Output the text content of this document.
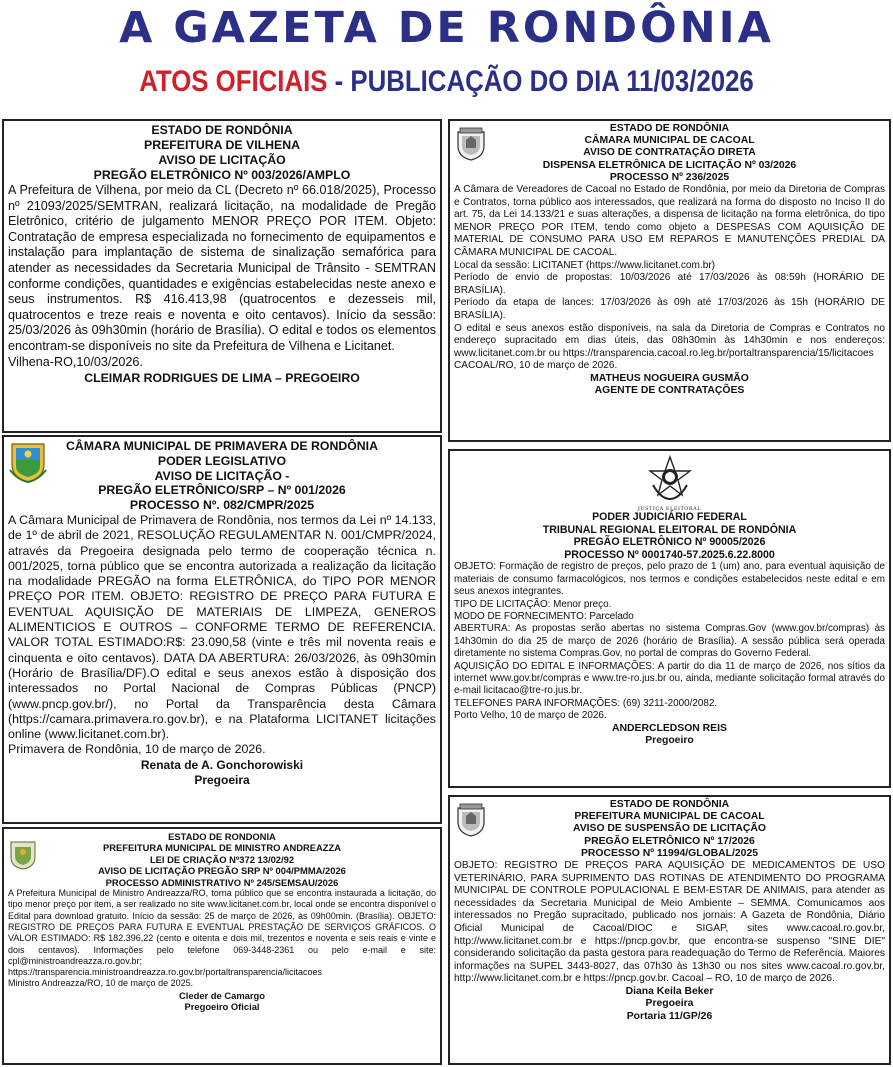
A GAZETA DE RONDÔNIA
ATOS OFICIAIS - PUBLICAÇÃO DO DIA 11/03/2026
ESTADO DE RONDÔNIA
PREFEITURA DE VILHENA
AVISO DE LICITAÇÃO
PREGÃO ELETRÔNICO Nº 003/2026/AMPLO
A Prefeitura de Vilhena, por meio da CL (Decreto nº 66.018/2025), Processo nº 21093/2025/SEMTRAN, realizará licitação, na modalidade de Pregão Eletrônico, critério de julgamento MENOR PREÇO POR ITEM. Objeto: Contratação de empresa especializada no fornecimento de equipamentos e instalação para implantação de sistema de sinalização semafórica para atender as necessidades da Secretaria Municipal de Trânsito - SEMTRAN conforme condições, quantidades e exigências estabelecidas neste anexo e seus instrumentos. R$ 416.413,98 (quatrocentos e dezesseis mil, quatrocentos e treze reais e noventa e oito centavos). Início da sessão: 25/03/2026 às 09h30min (horário de Brasília). O edital e todos os elementos encontram-se disponíveis no site da Prefeitura de Vilhena e Licitanet.
Vilhena-RO,10/03/2026.
CLEIMAR RODRIGUES DE LIMA – PREGOEIRO
CÂMARA MUNICIPAL DE PRIMAVERA DE RONDÔNIA
PODER LEGISLATIVO
AVISO DE LICITAÇÃO -
PREGÃO ELETRÔNICO/SRP – Nº 001/2026
PROCESSO Nº. 082/CMPR/2025
A Câmara Municipal de Primavera de Rondônia, nos termos da Lei nº 14.133, de 1º de abril de 2021, RESOLUÇÃO REGULAMENTAR N. 001/CMPR/2024, através da Pregoeira designada pelo termo de cooperação técnica n. 001/2025, torna público que se encontra autorizada a realização da licitação na modalidade PREGÃO na forma ELETRÔNICA, do TIPO POR MENOR PREÇO POR ITEM. OBJETO: REGISTRO DE PREÇO PARA FUTURA E EVENTUAL AQUISIÇÃO DE MATERIAIS DE LIMPEZA, GENEROS ALIMENTICIOS E OUTROS – CONFORME TERMO DE REFERENCIA. VALOR TOTAL ESTIMADO:R$: 23.090,58 (vinte e três mil noventa reais e cinquenta e oito centavos). DATA DA ABERTURA: 26/03/2026, às 09h30min (Horário de Brasília/DF).O edital e seus anexos estão à disposição dos interessados no Portal Nacional de Compras Públicas (PNCP) (www.pncp.gov.br/), no Portal da Transparência desta Câmara (https://camara.primavera.ro.gov.br), e na Plataforma LICITANET licitações online (www.licitanet.com.br).
Primavera de Rondônia, 10 de março de 2026.
Renata de A. Gonchorowiski
Pregoeira
ESTADO DE RONDONIA
PREFEITURA MUNICIPAL DE MINISTRO ANDREAZZA
LEI DE CRIAÇÃO Nº372 13/02/92
AVISO DE LICITAÇÃO PREGÃO SRP Nº 004/PMMA/2026
PROCESSO ADMINISTRATIVO Nº 245/SEMSAU/2026
A Prefeitura Municipal de Ministro Andreazza/RO, torna público que se encontra instaurada a licitação, do tipo menor preço por item, a ser realizado no site www.licitanet.com.br, local onde se encontra disponível o Edital para download gratuito. Início da sessão: 25 de março de 2026, às 09h00min. (Brasília). OBJETO: REGISTRO DE PREÇOS PARA FUTURA E EVENTUAL PRESTAÇÃO DE SERVIÇOS GRÁFICOS. O VALOR ESTIMADO: R$ 182.396,22 (cento e oitenta e dois mil, trezentos e noventa e seis reais e vinte e dois centavos). Informações pelo telefone 069-3448-2361 ou pelo e-mail e site: cpl@ministroandreazza.ro.gov.br; https://transparencia.ministroandreazza.ro.gov.br/portaltransparencia/licitacoes
Ministro Andreazza/RO, 10 de março de 2025.
Cleder de Camargo
Pregoeiro Oficial
ESTADO DE RONDÔNIA
CÂMARA MUNICIPAL DE CACOAL
AVISO DE CONTRATAÇÃO DIRETA
DISPENSA ELETRÔNICA DE LICITAÇÃO Nº 03/2026
PROCESSO Nº 236/2025
A Câmara de Vereadores de Cacoal no Estado de Rondônia, por meio da Diretoria de Compras e Contratos, torna público aos interessados, que realizará na forma do disposto no Inciso II do art. 75, da Lei 14.133/21 e suas alterações, a dispensa de licitação na forma eletrônica, do tipo MENOR PREÇO POR ITEM, tendo como objeto a DESPESAS COM AQUISIÇÃO DE MATERIAL DE CONSUMO PARA USO EM REPAROS E MANUTENÇÕES PREDIAL DA CÂMARA MUNICIPAL DE CACOAL.
Local da sessão: LICITANET (https://www.licitanet.com.br)
Período de envio de propostas: 10/03/2026 até 17/03/2026 às 08:59h (HORÁRIO DE BRASÍLIA).
Período da etapa de lances: 17/03/2026 às 09h até 17/03/2026 às 15h (HORÁRIO DE BRASÍLIA).
O edital e seus anexos estão disponíveis, na sala da Diretoria de Compras e Contratos no endereço supracitado em dias úteis, das 08h30min às 14h30min e nos endereços: www.licitanet.com.br ou https://transparencia.cacoal.ro.leg.br/portaltransparencia/15/licitacoes
CACOAL/RO, 10 de março de 2026.
MATHEUS NOGUEIRA GUSMÃO
AGENTE DE CONTRATAÇÕES
JUSTIÇA ELEITORAL
PODER JUDICIÁRIO FEDERAL
TRIBUNAL REGIONAL ELEITORAL DE RONDÔNIA
PREGÃO ELETRÔNICO Nº 90005/2026
PROCESSO Nº 0001740-57.2025.6.22.8000
OBJETO: Formação de registro de preços, pelo prazo de 1 (um) ano, para eventual aquisição de materiais de consumo farmacológicos, nos termos e condições estabelecidos neste edital e em seus anexos integrantes.
TIPO DE LICITAÇÃO: Menor preço.
MODO DE FORNECIMENTO: Parcelado
ABERTURA: As propostas serão abertas no sistema Compras.Gov (www.gov.br/compras) às 14h30min do dia 25 de março de 2026 (horário de Brasília). A sessão pública será operada diretamente no sistema Compras.Gov, no portal de compras do Governo Federal.
AQUISIÇÃO DO EDITAL E INFORMAÇÕES: A partir do dia 11 de março de 2026, nos sítios da internet www.gov.br/compras e www.tre-ro.jus.br ou, ainda, mediante solicitação formal através do e-mail licitacao@tre-ro.jus.br.
TELEFONES PARA INFORMAÇÕES: (69) 3211-2000/2082.
Porto Velho, 10 de março de 2026.
ANDERCLEDSON REIS
Pregoeiro
ESTADO DE RONDÔNIA
PREFEITURA MUNICIPAL DE CACOAL
AVISO DE SUSPENSÃO DE LICITAÇÃO
PREGÃO ELETRÔNICO Nº 17/2026
PROCESSO Nº 11994/GLOBAL/2025
OBJETO: REGISTRO DE PREÇOS PARA AQUISIÇÃO DE MEDICAMENTOS DE USO VETERINÁRIO, PARA SUPRIMENTO DAS ROTINAS DE ATENDIMENTO DO PROGRAMA MUNICIPAL DE CONTROLE POPULACIONAL E BEM-ESTAR DE ANIMAIS, para atender as necessidades da Secretaria Municipal de Meio Ambiente – SEMMA. Comunicamos aos interessados no Pregão supracitado, publicado nos jornais: A Gazeta de Rondônia, Diário Oficial Municipal de Cacoal/DIOC e SIGAP, sites www.cacoal.ro.gov.br, http://www.licitanet.com.br e https://pncp.gov.br, que encontra-se suspenso "SINE DIE" considerando solicitação da pasta gestora para readequação do Termo de Referência. Maiores informações na SUPEL 3443-8027, das 07h30 às 13h30 ou nos sites www.cacoal.ro.gov.br, http://www.licitanet.com.br e https://pncp.gov.br. Cacoal – RO, 10 de março de 2026.
Diana Keila Beker
Pregoeira
Portaria 11/GP/26
